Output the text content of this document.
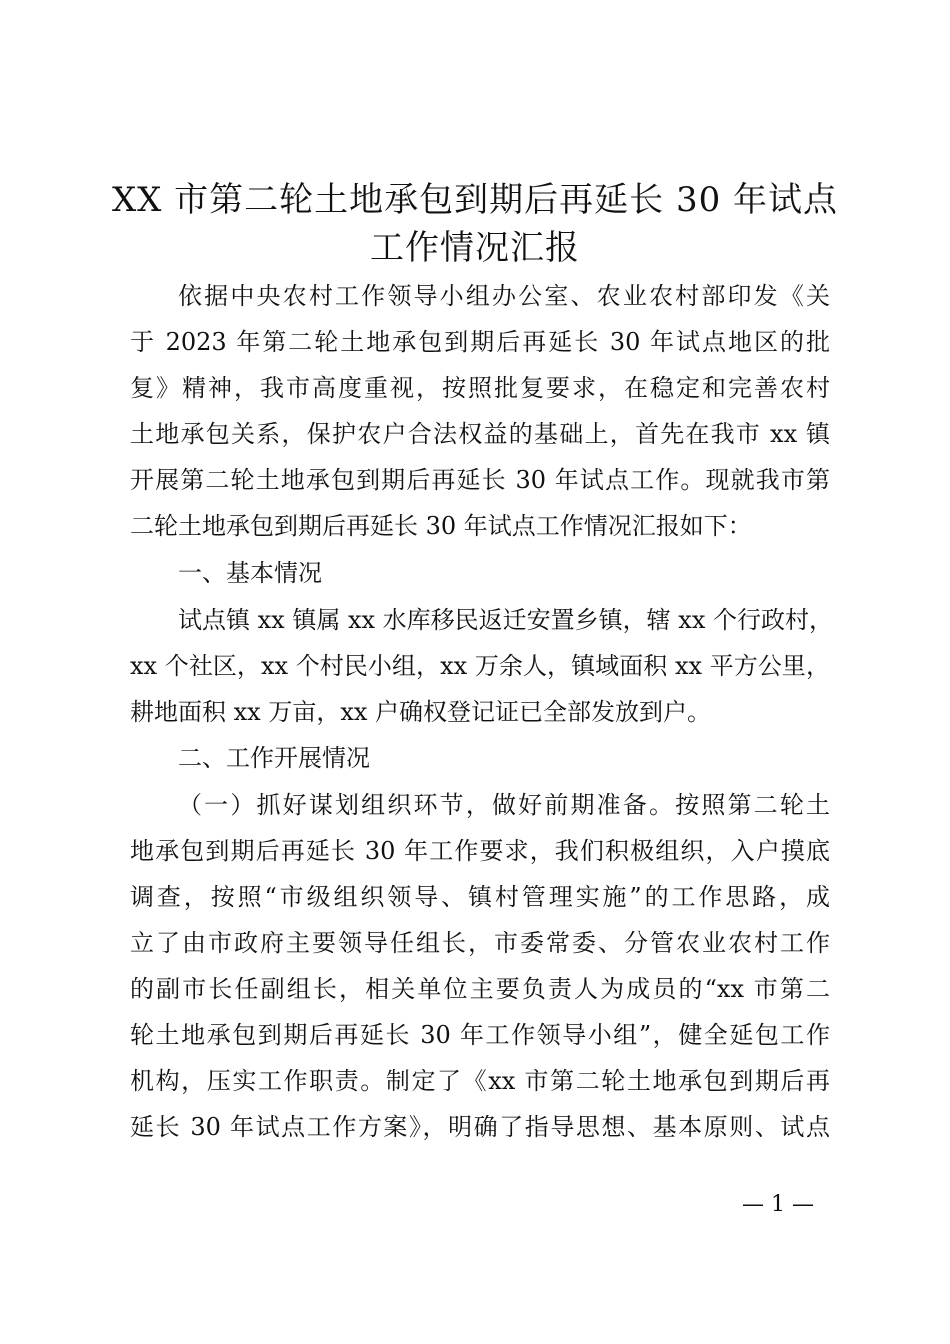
XX 市第二轮土地承包到期后再延长 30 年试点
工作情况汇报
依据中央农村工作领导小组办公室、农业农村部印发《关
于 2023 年第二轮土地承包到期后再延长 30 年试点地区的批
复》精神，我市高度重视，按照批复要求，在稳定和完善农村
土地承包关系，保护农户合法权益的基础上，首先在我市 xx 镇
开展第二轮土地承包到期后再延长 30 年试点工作。现就我市第
二轮土地承包到期后再延长 30 年试点工作情况汇报如下：
一、基本情况
试点镇 xx 镇属 xx 水库移民返迁安置乡镇，辖 xx 个行政村，
xx 个社区，xx 个村民小组，xx 万余人，镇域面积 xx 平方公里，
耕地面积 xx 万亩，xx 户确权登记证已全部发放到户。
二、工作开展情况
（一）抓好谋划组织环节，做好前期准备。按照第二轮土
地承包到期后再延长 30 年工作要求，我们积极组织，入户摸底
调查，按照“市级组织领导、镇村管理实施”的工作思路，成
立了由市政府主要领导任组长，市委常委、分管农业农村工作
的副市长任副组长，相关单位主要负责人为成员的“xx 市第二
轮土地承包到期后再延长 30 年工作领导小组”，健全延包工作
机构，压实工作职责。制定了《xx 市第二轮土地承包到期后再
延长 30 年试点工作方案》，明确了指导思想、基本原则、试点
— 1 —
